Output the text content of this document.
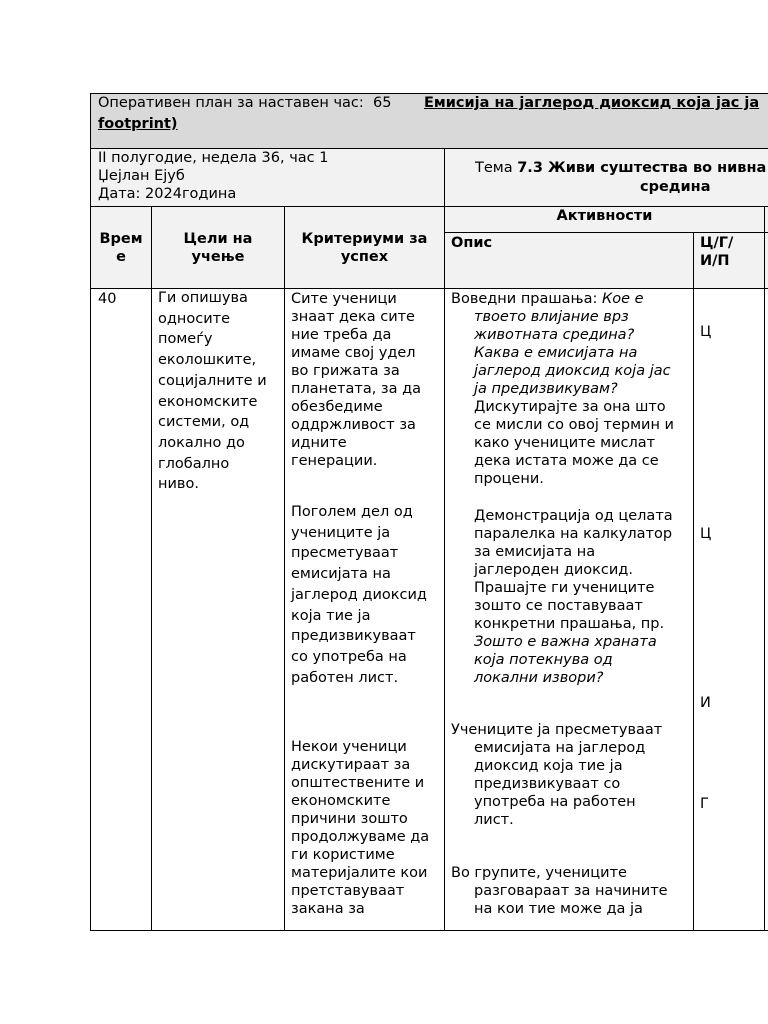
Оперативен план за наставен час: 65 Емисија на јаглерод диоксид која јас ја
footprint)
II полугодие, недела 36, час 1
Џејлан Ејуб
Дата: 2024година
Тема 7.3 Живи суштества во нивна
средина
Врем
е
Цели на
учење
Критериуми за
успех
Активности
Опис	Ц/Г/
И/П
40	Ги опишува
односите
помеѓу
еколошките,
социјалните и
економските
системи, од
локално до
глобално
ниво.
Сите ученици
знаат дека сите
ние треба да
имаме свој удел
во грижата за
планетата, за да
обезбедиме
оддржливост за
идните
генерации.
Поголем дел од
учениците ја
пресметуваат
емисијата на
јаглерод диоксид
која тие ја
предизвикуваат
со употреба на
работен лист.
Некои ученици
дискутираат за
општествените и
економските
причини зошто
продолжуваме да
ги користиме
материјалите кои
претставуваат
закана за
Воведни прашања: Кое е
твоето влијание врз
животната средина?
Каква е емисијата на
јаглерод диоксид која јас
ја предизвикувам?
Дискутирајте за она што
се мисли со овој термин и
како учениците мислат
дека истата може да се
процени.
Демонстрација од целата
паралелка на калкулатор
за емисијата на
јаглероден диоксид.
Прашајте ги учениците
зошто се поставуваат
конкретни прашања, пр.
Зошто е важна храната
која потекнува од
локални извори?
Учениците ја пресметуваат
емисијата на јаглерод
диоксид која тие ја
предизвикуваат со
употреба на работен
лист.
Во групите, учениците
разговараат за начините
на кои тие може да ја
Ц
Ц
И
Г
